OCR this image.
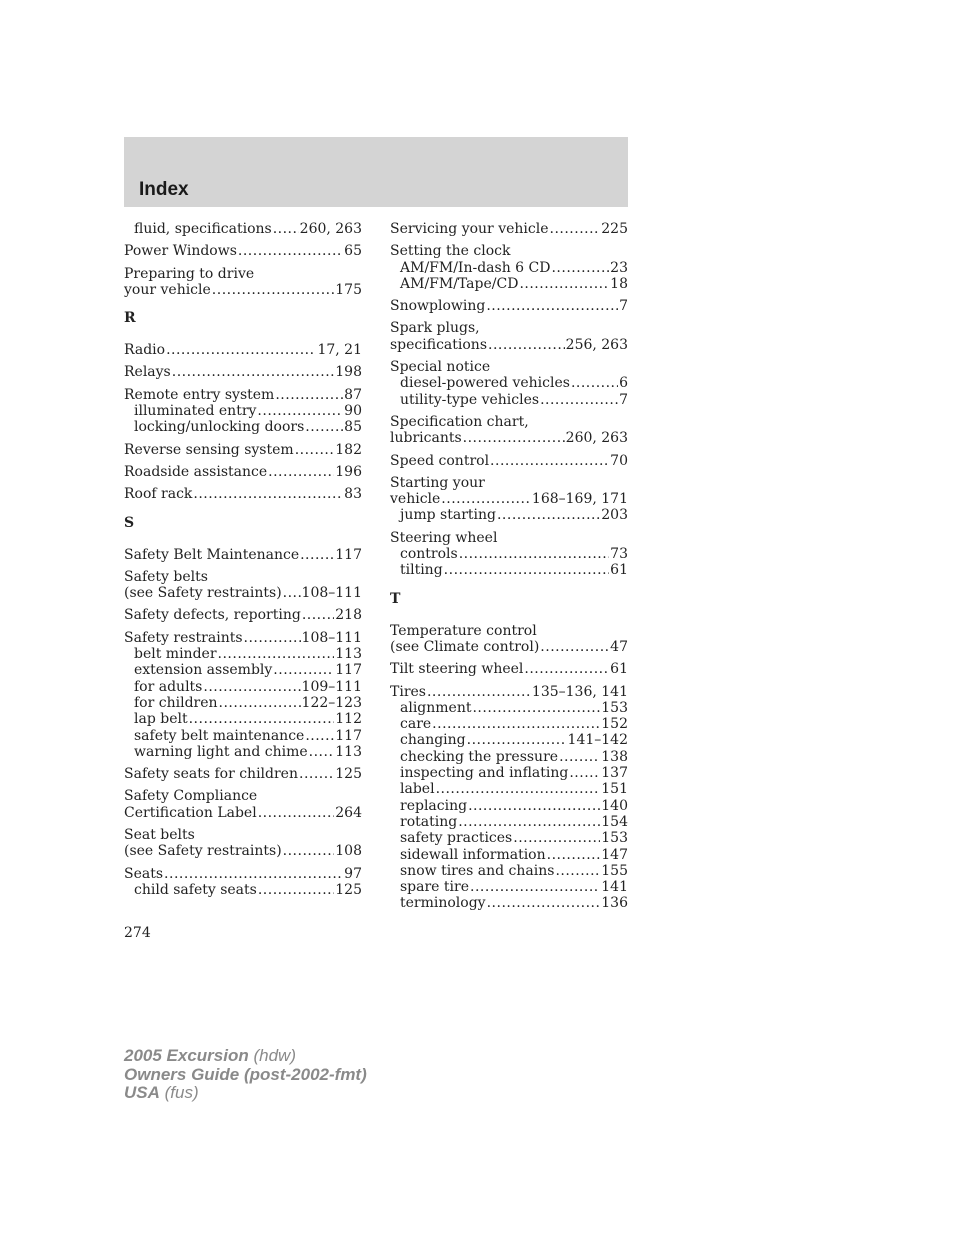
Index
fluid, specifications ..... 260, 263
Power Windows .....	65
Preparing to drive
your vehicle .....	175
R
Radio .....	17, 21
Relays .....	198
Remote entry system .....	87
illuminated entry .....	90
locking/unlocking doors .....	85
Reverse sensing system .....	182
Roadside assistance .....	196
Roof rack .....	83
S
Safety Belt Maintenance .....	117
Safety belts
(see Safety restraints) ..... 108–111
Safety defects, reporting ..... 218
Safety restraints .....	108–111
belt minder .....	113
extension assembly .....	117
for adults .....	109–111
for children .....	122–123
lap belt .....	112
safety belt maintenance ..... 117
warning light and chime ..... 113
Safety seats for children .....	125
Safety Compliance
Certification Label .....	264
Seat belts
(see Safety restraints) .....	108
Seats .....	97
child safety seats .....	125
Servicing your vehicle .....	225
Setting the clock
AM/FM/In-dash 6 CD .....	23
AM/FM/Tape/CD .....	18
Snowplowing .....	7
Spark plugs,
specifications .....	256, 263
Special notice
diesel-powered vehicles .....	6
utility-type vehicles .....	7
Specification chart,
lubricants .....	260, 263
Speed control .....	70
Starting your
vehicle .....	168–169, 171
jump starting .....	203
Steering wheel
controls .....	73
tilting .....	61
T
Temperature control
(see Climate control) .....	47
Tilt steering wheel .....	61
Tires .....	135–136, 141
alignment .....	153
care .....	152
changing .....	141–142
checking the pressure .....	138
inspecting and inflating ..... 137
label .....	151
replacing .....	140
rotating .....	154
safety practices .....	153
sidewall information .....	147
snow tires and chains .....	155
spare tire .....	141
terminology .....	136
274
2005 Excursion (hdw)
Owners Guide (post-2002-fmt)
USA (fus)
